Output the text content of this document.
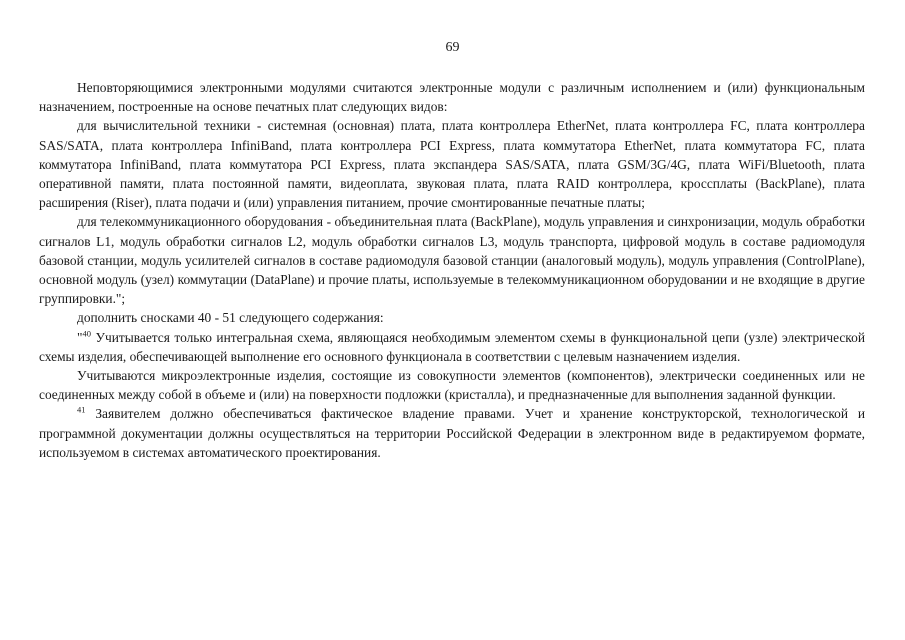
69

Неповторяющимися электронными модулями считаются электронные модули с различным исполнением и (или) функциональным назначением, построенные на основе печатных плат следующих видов:

для вычислительной техники - системная (основная) плата, плата контроллера EtherNet, плата контроллера FC, плата контроллера SAS/SATA, плата контроллера InfiniBand, плата контроллера PCI Express, плата коммутатора EtherNet, плата коммутатора FC, плата коммутатора InfiniBand, плата коммутатора PCI Express, плата экспандера SAS/SATA, плата GSM/3G/4G, плата WiFi/Bluetooth, плата оперативной памяти, плата постоянной памяти, видеоплата, звуковая плата, плата RAID контроллера, кроссплаты (BackPlane), плата расширения (Riser), плата подачи и (или) управления питанием, прочие смонтированные печатные платы;

для телекоммуникационного оборудования - объединительная плата (BackPlane), модуль управления и синхронизации, модуль обработки сигналов L1, модуль обработки сигналов L2, модуль обработки сигналов L3, модуль транспорта, цифровой модуль в составе радиомодуля базовой станции, модуль усилителей сигналов в составе радиомодуля базовой станции (аналоговый модуль), модуль управления (ControlPlane), основной модуль (узел) коммутации (DataPlane) и прочие платы, используемые в телекоммуникационном оборудовании и не входящие в другие группировки.";

дополнить сносками 40 - 51 следующего содержания:

"$^{40}$ Учитывается только интегральная схема, являющаяся необходимым элементом схемы в функциональной цепи (узле) электрической схемы изделия, обеспечивающей выполнение его основного функционала в соответствии с целевым назначением изделия.

Учитываются микроэлектронные изделия, состоящие из совокупности элементов (компонентов), электрически соединенных или не соединенных между собой в объеме и (или) на поверхности подложки (кристалла), и предназначенные для выполнения заданной функции.

$^{41}$ Заявителем должно обеспечиваться фактическое владение правами. Учет и хранение конструкторской, технологической и программной документации должны осуществляться на территории Российской Федерации в электронном виде в редактируемом формате, используемом в системах автоматического проектирования.
